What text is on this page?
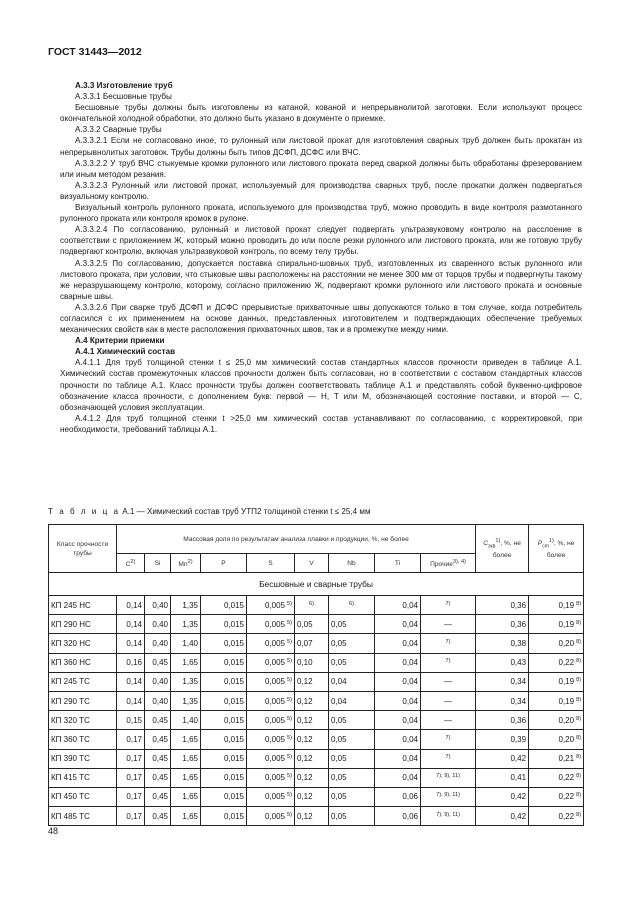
ГОСТ 31443—2012

А.3.3 Изготовление труб

А.3.3.1 Бесшовные трубы

Бесшовные трубы должны быть изготовлены из катаной, кованой и непрерывнолитой заготовки. Если используют процесс окончательной холодной обработки, это должно быть указано в документе о приемке.

А.3.3.2 Сварные трубы

А.3.3.2.1 Если не согласовано иное, то рулонный или листовой прокат для изготовления сварных труб должен быть прокатан из непрерывнолитых заготовок. Трубы должны быть типов ДСФП, ДСФС или ВЧС.

А.3.3.2.2 У труб ВЧС стыкуемые кромки рулонного или листового проката перед сваркой должны быть обработаны фрезерованием или иным методом резания.

А.3.3.2.3 Рулонный или листовой прокат, используемый для производства сварных труб, после прокатки должен подвергаться визуальному контролю.

Визуальный контроль рулонного проката, используемого для производства труб, можно проводить в виде контроля размотанного рулонного проката или контроля кромок в рулоне.

А.3.3.2.4 По согласованию, рулонный и листовой прокат следует подвергать ультразвуковому контролю на расслоение в соответствии с приложением Ж, который можно проводить до или после резки рулонного или листового проката, или же готовую трубу подвергают контролю, включая ультразвуковой контроль, по всему телу трубы.

А.3.3.2.5 По согласованию, допускается поставка спирально-шовных труб, изготовленных из сваренного встык рулонного или листового проката, при условии, что стыковые швы расположены на расстоянии не менее 300 мм от торцов трубы и подвергнуты такому же неразрушающему контролю, которому, согласно приложению Ж, подвергают кромки рулонного или листового проката и основные сварные швы.

А.3.3.2.6 При сварке труб ДСФП и ДСФС прерывистые прихваточные швы допускаются только в том случае, когда потребитель согласился с их применением на основе данных, представленных изготовителем и подтверждающих обеспечение требуемых механических свойств как в месте расположения прихваточных швов, так и в промежутке между ними.

А.4 Критерии приемки

А.4.1 Химический состав

А.4.1.1 Для труб толщиной стенки t ≤ 25,0 мм химический состав стандартных классов прочности приведен в таблице А.1. Химический состав промежуточных классов прочности должен быть согласован, но в соответствии с составом стандартных классов прочности по таблице А.1. Класс прочности трубы должен соответствовать таблице А.1 и представлять собой буквенно-цифровое обозначение класса прочности, с дополнением букв: первой — Н, Т или М, обозначающей состояние поставки, и второй — С, обозначающей условия эксплуатации.

А.4.1.2 Для труб толщиной стенки t >25,0 мм химический состав устанавливают по согласованию, с корректировкой, при необходимости, требований таблицы А.1.

Т а б л и ц а А.1 — Химический состав труб УТП2 толщиной стенки t ≤ 25,4 мм
Класс прочности трубы	Массовая доля по результатам анализа плавки и продукции, %, не более									$C_{экв}^{1)}$, %, не более	$P_{cm}^{1)}$, %, не более
	$C^{2)}$	Si	Mn$^{2)}$	P	S	V	Nb	Ti	Прочие$^{3), 4)}$
Бесшовные и сварные трубы											
КП 245 НС	0,14	0,40	1,35	0,015	0,005 $^{5)}$	$^{6)}$	$^{6)}$	0,04	$^{7)}$	0,36	0,19 $^{8)}$
КП 290 НС	0,14	0,40	1,35	0,015	0,005 $^{5)}$	0,05	0,05	0,04	—	0,36	0,19 $^{8)}$
КП 320 НС	0,14	0,40	1,40	0,015	0,005 $^{5)}$	0,07	0,05	0,04	$^{7)}$	0,38	0,20 $^{8)}$
КП 360 НС	0,16	0,45	1,65	0,015	0,005 $^{5)}$	0,10	0,05	0,04	$^{7)}$	0,43	0,22 $^{8)}$
КП 245 ТС	0,14	0,40	1,35	0,015	0,005 $^{5)}$	0,12	0,04	0,04	—	0,34	0,19 $^{8)}$
КП 290 ТС	0,14	0,40	1,35	0,015	0,005 $^{5)}$	0,12	0,04	0,04	—	0,34	0,19 $^{8)}$
КП 320 ТС	0,15	0,45	1,40	0,015	0,005 $^{5)}$	0,12	0,05	0,04	—	0,36	0,20 $^{8)}$
КП 360 ТС	0,17	0,45	1,65	0,015	0,005 $^{5)}$	0,12	0,05	0,04	$^{7)}$	0,39	0,20 $^{8)}$
КП 390 ТС	0,17	0,45	1,65	0,015	0,005 $^{5)}$	0,12	0,05	0,04	$^{7)}$	0,42	0,21 $^{8)}$
КП 415 ТС	0,17	0,45	1,65	0,015	0,005 $^{5)}$	0,12	0,05	0,04	$^{7), 9), 11)}$	0,41	0,22 $^{8)}$
КП 450 ТС	0,17	0,45	1,65	0,015	0,005 $^{5)}$	0,12	0,05	0,06	$^{7), 9), 11)}$	0,42	0,22 $^{8)}$
КП 485 ТС	0,17	0,45	1,65	0,015	0,005 $^{5)}$	0,12	0,05	0,06	$^{7), 9), 11)}$	0,42	0,22 $^{8)}$
48
